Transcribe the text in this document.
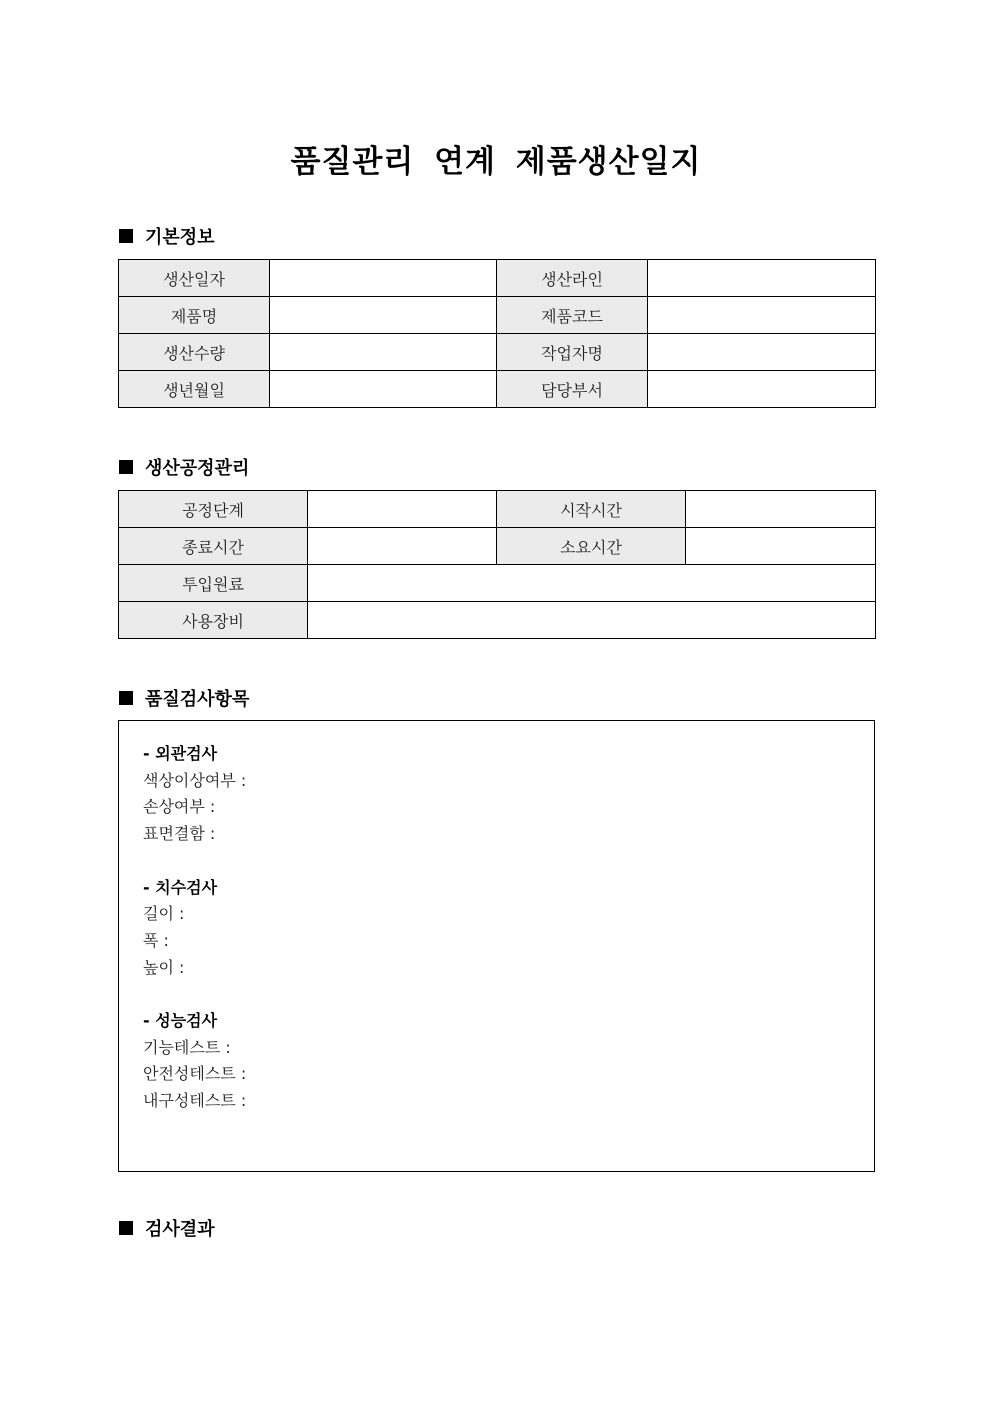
품질관리 연계 제품생산일지
기본정보
생산일자		생산라인	
제품명		제품코드	
생산수량		작업자명	
생년월일		담당부서	
생산공정관리
공정단계		시작시간	
종료시간		소요시간	
투입원료			
사용장비			
품질검사항목
- 외관검사
색상이상여부 :
손상여부 :
표면결함 :
- 치수검사
길이 :
폭 :
높이 :
- 성능검사
기능테스트 :
안전성테스트 :
내구성테스트 :
검사결과
